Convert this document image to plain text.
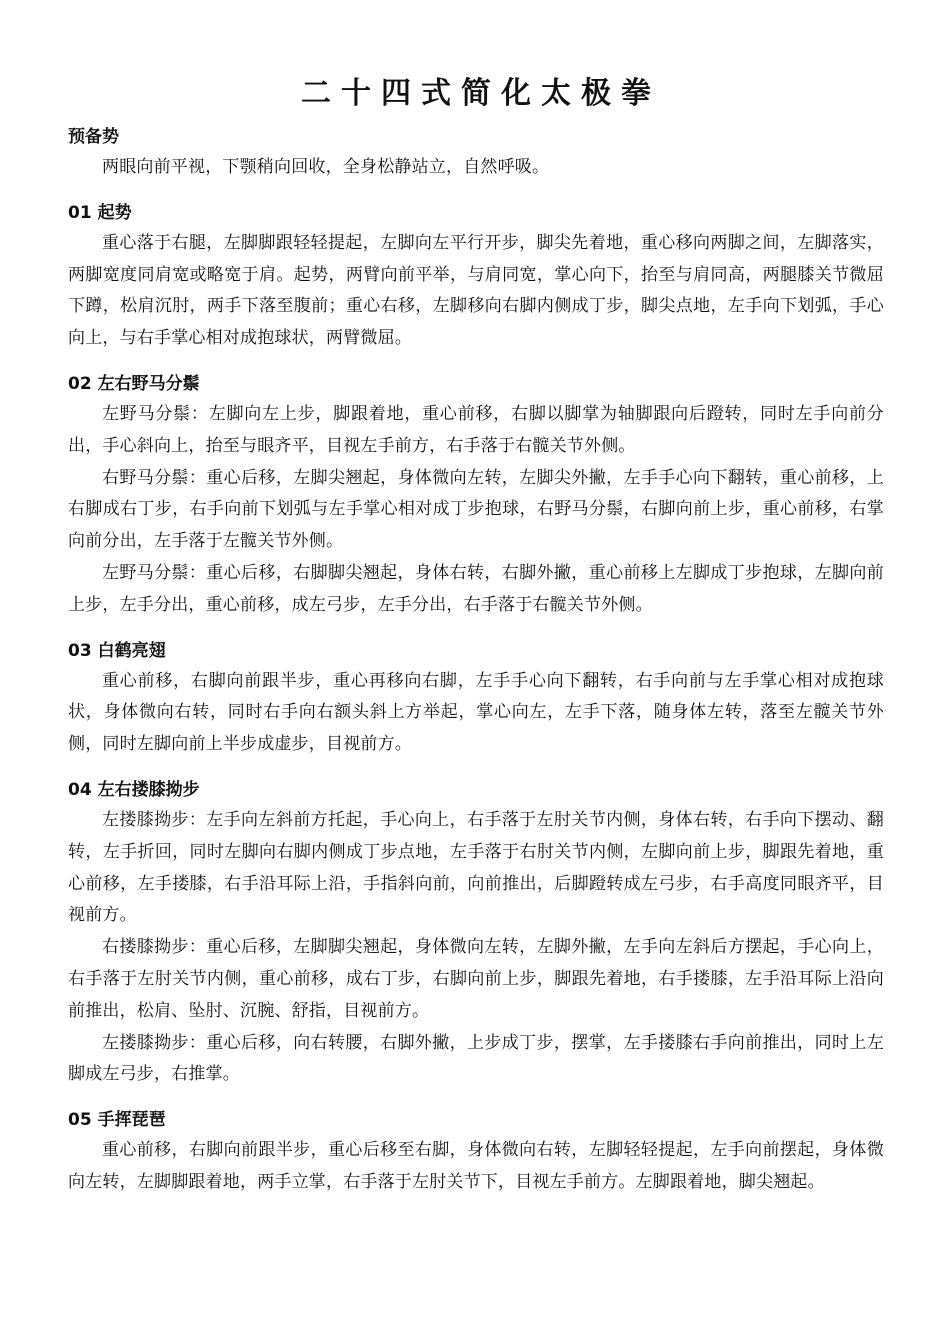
二十四式简化太极拳
预备势

两眼向前平视，下颚稍向回收，全身松静站立，自然呼吸。

01 起势

重心落于右腿，左脚脚跟轻轻提起，左脚向左平行开步，脚尖先着地，重心移向两脚之间，左脚落实，两脚宽度同肩宽或略宽于肩。起势，两臂向前平举，与肩同宽，掌心向下，抬至与肩同高，两腿膝关节微屈下蹲，松肩沉肘，两手下落至腹前；重心右移，左脚移向右脚内侧成丁步，脚尖点地，左手向下划弧，手心向上，与右手掌心相对成抱球状，两臂微屈。

02 左右野马分鬃

左野马分鬃：左脚向左上步，脚跟着地，重心前移，右脚以脚掌为轴脚跟向后蹬转，同时左手向前分出，手心斜向上，抬至与眼齐平，目视左手前方，右手落于右髋关节外侧。

右野马分鬃：重心后移，左脚尖翘起，身体微向左转，左脚尖外撇，左手手心向下翻转，重心前移，上右脚成右丁步，右手向前下划弧与左手掌心相对成丁步抱球，右野马分鬃，右脚向前上步，重心前移，右掌向前分出，左手落于左髋关节外侧。

左野马分鬃：重心后移，右脚脚尖翘起，身体右转，右脚外撇，重心前移上左脚成丁步抱球，左脚向前上步，左手分出，重心前移，成左弓步，左手分出，右手落于右髋关节外侧。

03 白鹤亮翅

重心前移，右脚向前跟半步，重心再移向右脚，左手手心向下翻转，右手向前与左手掌心相对成抱球状，身体微向右转，同时右手向右额头斜上方举起，掌心向左，左手下落，随身体左转，落至左髋关节外侧，同时左脚向前上半步成虚步，目视前方。

04 左右搂膝拗步

左搂膝拗步：左手向左斜前方托起，手心向上，右手落于左肘关节内侧，身体右转，右手向下摆动、翻转，左手折回，同时左脚向右脚内侧成丁步点地，左手落于右肘关节内侧，左脚向前上步，脚跟先着地，重心前移，左手搂膝，右手沿耳际上沿，手指斜向前，向前推出，后脚蹬转成左弓步，右手高度同眼齐平，目视前方。

右搂膝拗步：重心后移，左脚脚尖翘起，身体微向左转，左脚外撇，左手向左斜后方摆起，手心向上，右手落于左肘关节内侧，重心前移，成右丁步，右脚向前上步，脚跟先着地，右手搂膝，左手沿耳际上沿向前推出，松肩、坠肘、沉腕、舒指，目视前方。

左搂膝拗步：重心后移，向右转腰，右脚外撇，上步成丁步，摆掌，左手搂膝右手向前推出，同时上左脚成左弓步，右推掌。

05 手挥琵琶

重心前移，右脚向前跟半步，重心后移至右脚，身体微向右转，左脚轻轻提起，左手向前摆起，身体微向左转，左脚脚跟着地，两手立掌，右手落于左肘关节下，目视左手前方。左脚跟着地，脚尖翘起。
